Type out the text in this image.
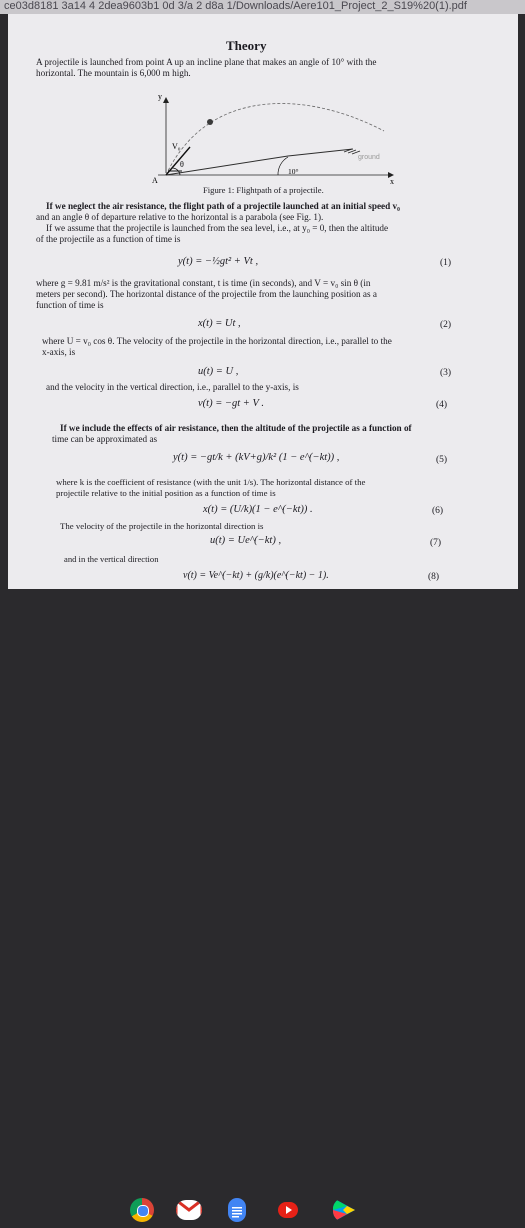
ce03d8181 3a14 4 2dea9603b1 0d 3/a 2 d8a 1/Downloads/Aere101_Project_2_S19%20(1).pdf
Theory
A projectile is launched from point A up an incline plane that makes an angle of 10° with the
horizontal. The mountain is 6,000 m high.
A
y
x
V₀
θ
10°
ground
Figure 1: Flightpath of a projectile.
If we neglect the air resistance, the flight path of a projectile launched at an initial speed v₀
and an angle θ of departure relative to the horizontal is a parabola (see Fig. 1).
If we assume that the projectile is launched from the sea level, i.e., at y₀ = 0, then the altitude
of the projectile as a function of time is
y(t) = −½gt² + Vt ,	(1)
where g = 9.81 m/s² is the gravitational constant, t is time (in seconds), and V = v₀ sin θ (in
meters per second). The horizontal distance of the projectile from the launching position as a
function of time is
x(t) = Ut ,	(2)
where U = v₀ cos θ. The velocity of the projectile in the horizontal direction, i.e., parallel to the
x-axis, is
u(t) = U ,	(3)
and the velocity in the vertical direction, i.e., parallel to the y-axis, is
v(t) = −gt + V .	(4)
If we include the effects of air resistance, then the altitude of the projectile as a function of
time can be approximated as
y(t) = −gt/k + (kV+g)/k² (1 − e^(−kt)) ,	(5)
where k is the coefficient of resistance (with the unit 1/s). The horizontal distance of the
projectile relative to the initial position as a function of time is
x(t) = (U/k)(1 − e^(−kt)) .	(6)
The velocity of the projectile in the horizontal direction is
u(t) = Ue^(−kt) ,	(7)
and in the vertical direction
v(t) = Ve^(−kt) + (g/k)(e^(−kt) − 1).	(8)
